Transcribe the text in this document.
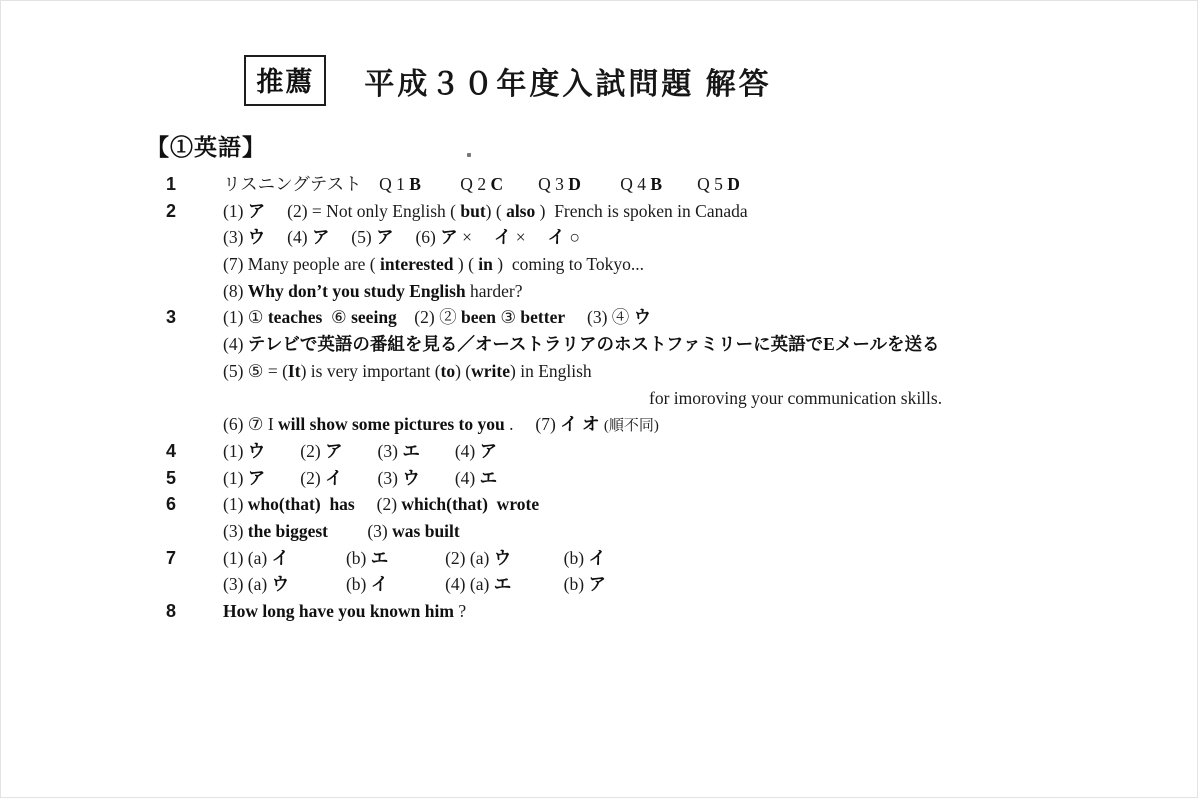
推薦	平成３０年度入試問題 解答
【①英語】
1	リスニングテスト　Q 1 B　　 Q 2 C　　Q 3 D　　 Q 4 B　　Q 5 D
2	(1) ア　 (2) = Not only English ( but) ( also )  French is spoken in Canada
(3) ウ　 (4) ア　 (5) ア　 (6) ア ×　 イ ×　 イ ○
(7) Many people are ( interested ) ( in )  coming to Tokyo...
(8) Why don’t you study English harder?
3	(1) ① teaches  ⑥ seeing　(2) ② been ③ better　 (3) ④ ウ
(4) テレビで英語の番組を見る／オーストラリアのホストファミリーに英語でEメールを送る
(5) ⑤ = (It) is very important (to) (write) in English
for imoroving your communication skills.
(6) ⑦ I will show some pictures to you .　 (7) イ オ (順不同)
4	(1) ウ　　(2) ア　　(3) エ　　(4) ア
5	(1) ア　　(2) イ　　(3) ウ　　(4) エ
6	(1) who(that)  has　 (2) which(that)  wrote
(3) the biggest　　 (3) was built
7	(1) (a) イ　　　 (b) エ　　　 (2) (a) ウ　　　(b) イ
(3) (a) ウ　　　 (b) イ　　　 (4) (a) エ　　　(b) ア
8	How long have you known him ?
